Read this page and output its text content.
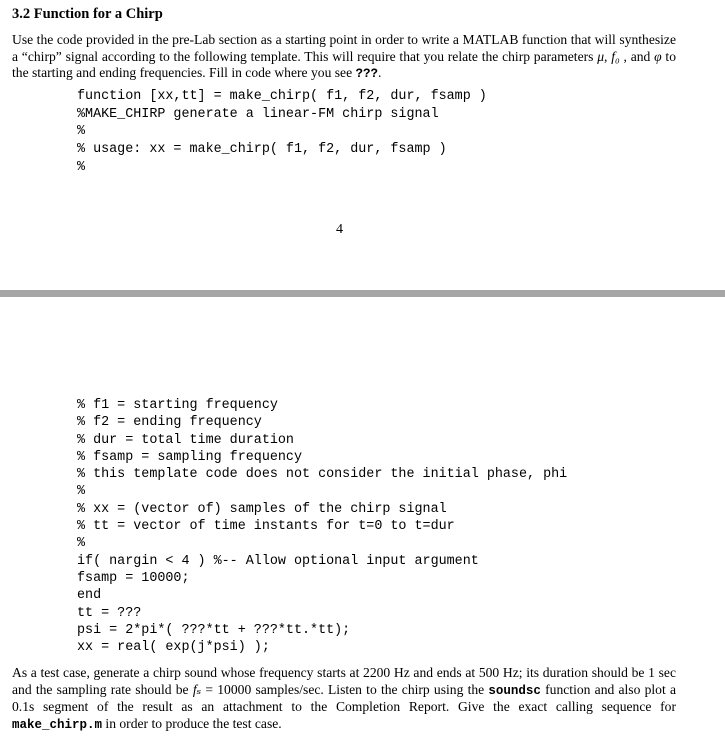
3.2 Function for a Chirp
Use the code provided in the pre-Lab section as a starting point in order to write a MATLAB function that will synthesize a “chirp” signal according to the following template. This will require that you relate the chirp parameters μ, f₀ , and φ to the starting and ending frequencies. Fill in code where you see ???.
function [xx,tt] = make_chirp( f1, f2, dur, fsamp )
%MAKE_CHIRP generate a linear-FM chirp signal
%
% usage: xx = make_chirp( f1, f2, dur, fsamp )
%
4
% f1 = starting frequency
% f2 = ending frequency
% dur = total time duration
% fsamp = sampling frequency
% this template code does not consider the initial phase, phi
%
% xx = (vector of) samples of the chirp signal
% tt = vector of time instants for t=0 to t=dur
%
if( nargin < 4 ) %-- Allow optional input argument
fsamp = 10000;
end
tt = ???
psi = 2*pi*( ???*tt + ???*tt.*tt);
xx = real( exp(j*psi) );
As a test case, generate a chirp sound whose frequency starts at 2200 Hz and ends at 500 Hz; its duration should be 1 sec and the sampling rate should be fₛ = 10000 samples/sec. Listen to the chirp using the soundsc function and also plot a 0.1s segment of the result as an attachment to the Completion Report. Give the exact calling sequence for make_chirp.m in order to produce the test case.
